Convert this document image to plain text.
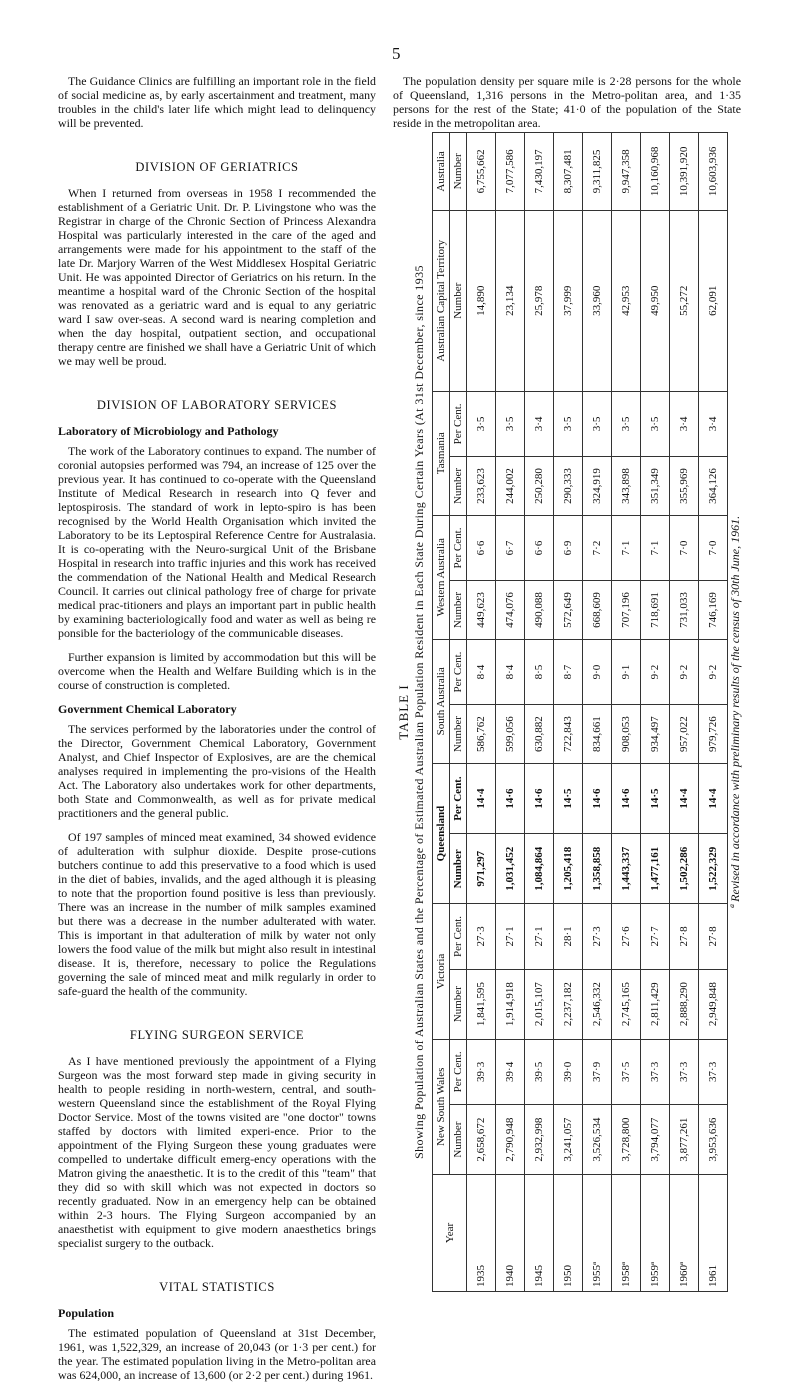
5

The Guidance Clinics are fulfilling an important role in the field of social medicine as, by early ascertainment and treatment, many troubles in the child's later life which might lead to delinquency will be prevented.

DIVISION OF GERIATRICS

When I returned from overseas in 1958 I recommended the establishment of a Geriatric Unit. Dr. P. Livingstone who was the Registrar in charge of the Chronic Section of Princess Alexandra Hospital was particularly interested in the care of the aged and arrangements were made for his appointment to the staff of the late Dr. Marjory Warren of the West Middlesex Hospital Geriatric Unit. He was appointed Director of Geriatrics on his return. In the meantime a hospital ward of the Chronic Section of the hospital was renovated as a geriatric ward and is equal to any geriatric ward I saw over-seas. A second ward is nearing completion and when the day hospital, outpatient section, and occupational therapy centre are finished we shall have a Geriatric Unit of which we may well be proud.

DIVISION OF LABORATORY SERVICES
Laboratory of Microbiology and Pathology

The work of the Laboratory continues to expand. The number of coronial autopsies performed was 794, an increase of 125 over the previous year. It has continued to co-operate with the Queensland Institute of Medical Research in research into Q fever and leptospirosis. The standard of work in lepto-spiro is has been recognised by the World Health Organisation which invited the Laboratory to be its Leptospiral Reference Centre for Australasia. It is co-operating with the Neuro-surgical Unit of the Brisbane Hospital in research into traffic injuries and this work has received the commendation of the National Health and Medical Research Council. It carries out clinical pathology free of charge for private medical prac-titioners and plays an important part in public health by examining bacteriologically food and water as well as being re ponsible for the bacteriology of the communicable diseases.

Further expansion is limited by accommodation but this will be overcome when the Health and Welfare Building which is in the course of construction is completed.

Government Chemical Laboratory

The services performed by the laboratories under the control of the Director, Government Chemical Laboratory, Government Analyst, and Chief Inspector of Explosives, are are the chemical analyses required in implementing the pro-visions of the Health Act. The Laboratory also undertakes work for other departments, both State and Commonwealth, as well as for private medical practitioners and the general public.

Of 197 samples of minced meat examined, 34 showed evidence of adulteration with sulphur dioxide. Despite prose-cutions butchers continue to add this preservative to a food which is used in the diet of babies, invalids, and the aged although it is pleasing to note that the proportion found positive is less than previously. There was an increase in the number of milk samples examined but there was a decrease in the number adulterated with water. This is important in that adulteration of milk by water not only lowers the food value of the milk but might also result in intestinal disease. It is, therefore, necessary to police the Regulations governing the sale of minced meat and milk regularly in order to safe-guard the health of the community.

FLYING SURGEON SERVICE

As I have mentioned previously the appointment of a Flying Surgeon was the most forward step made in giving security in health to people residing in north-western, central, and south-western Queensland since the establishment of the Royal Flying Doctor Service. Most of the towns visited are "one doctor" towns staffed by doctors with limited experi-ence. Prior to the appointment of the Flying Surgeon these young graduates were compelled to undertake difficult emerg-ency operations with the Matron giving the anaesthetic. It is to the credit of this "team" that they did so with skill which was not expected in doctors so recently graduated. Now in an emergency help can be obtained within 2-3 hours. The Flying Surgeon accompanied by an anaesthetist with equipment to give modern anaesthetics brings specialist surgery to the outback.

VITAL STATISTICS
Population

The estimated population of Queensland at 31st December, 1961, was 1,522,329, an increase of 20,043 (or 1·3 per cent.) for the year. The estimated population living in the Metro-politan area was 624,000, an increase of 13,600 (or 2·2 per cent.) during 1961.

The population density per square mile is 2·28 persons for the whole of Queensland, 1,316 persons in the Metro-politan area, and 1·35 persons for the rest of the State; 41·0 of the population of the State reside in the metropolitan area.

TABLE I Showing Population of Australian States and the Percentage of Estimated Australian Population Resident in Each State During Certain Years (At 31st December, since 1935
Year	New South Wales		Victoria		Queensland		South Australia		Western Australia		Tasmania		Australian Capital Territory	Australia
	Number	Per Cent.	Number	Per Cent.	Number	Per Cent.	Number	Per Cent.	Number	Per Cent.	Number	Per Cent.	Number	Number
1935	2,658,672	39·3	1,841,595	27·3	971,297	14·4	586,762	8·4	449,623	6·6	233,623	3·5	14,890	6,755,662
1940	2,790,948	39·4	1,914,918	27·1	1,031,452	14·6	599,056	8·4	474,076	6·7	244,002	3·5	23,134	7,077,586
1945	2,932,998	39·5	2,015,107	27·1	1,084,864	14·6	630,882	8·5	490,088	6·6	250,280	3·4	25,978	7,430,197
1950	3,241,057	39·0	2,237,182	28·1	1,205,418	14·5	722,843	8·7	572,649	6·9	290,333	3·5	37,999	8,307,481
1955ª	3,526,534	37·9	2,546,332	27·3	1,358,858	14·6	834,661	9·0	668,609	7·2	324,919	3·5	33,960	9,311,825
1958ª	3,728,800	37·5	2,745,165	27·6	1,443,337	14·6	908,053	9·1	707,196	7·1	343,898	3·5	42,953	9,947,358
1959ª	3,794,077	37·3	2,811,429	27·7	1,477,161	14·5	934,497	9·2	718,691	7·1	351,349	3·5	49,950	10,160,968
1960ª	3,877,261	37·3	2,888,290	27·8	1,502,286	14·4	957,022	9·2	731,033	7·0	355,969	3·4	55,272	10,391,920
1961	3,953,636	37·3	2,949,848	27·8	1,522,329	14·4	979,726	9·2	746,169	7·0	364,126	3·4	62,091	10,603,936
ª Revised in accordance with preliminary results of the census of 30th June, 1961.
